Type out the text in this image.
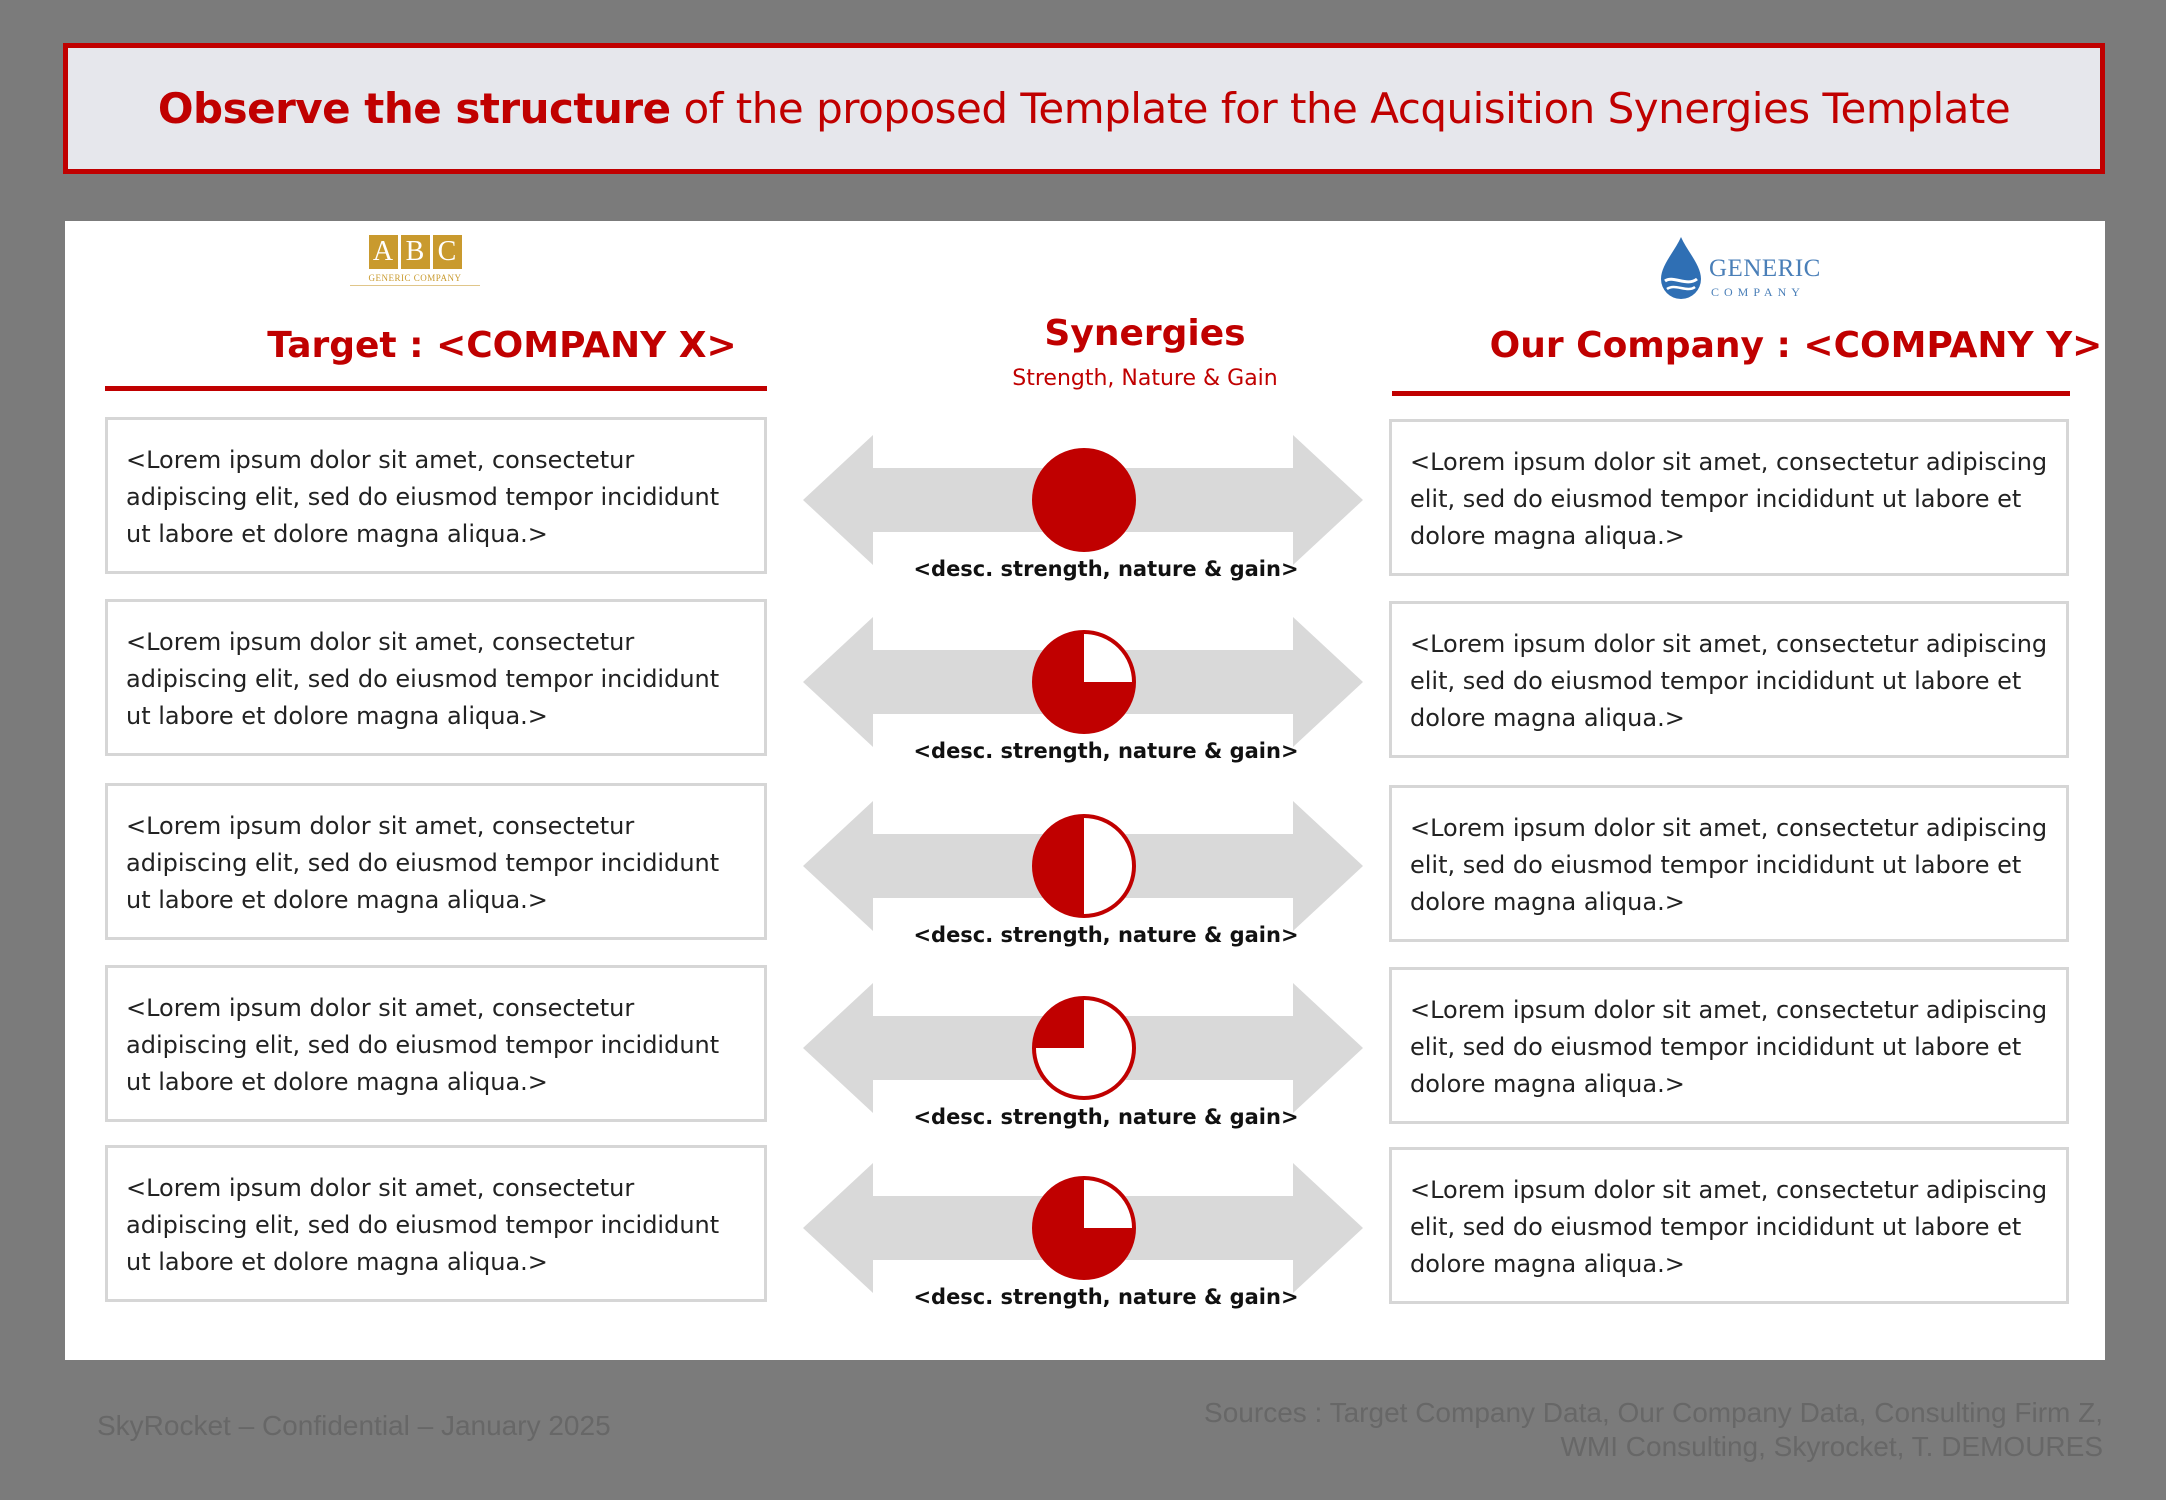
Observe the structure of the proposed Template for the Acquisition Synergies Template
A B C
GENERIC COMPANY	GENERIC
COMPANY
Target : <COMPANY X>	Synergies
Strength, Nature & Gain
Our Company : <COMPANY Y>
<Lorem ipsum dolor sit amet, consectetur adipiscing elit, sed do eiusmod tempor incididunt ut labore et dolore magna aliqua.>
<Lorem ipsum dolor sit amet, consectetur adipiscing elit, sed do eiusmod tempor incididunt ut labore et dolore magna aliqua.>
<desc. strength, nature & gain>
<Lorem ipsum dolor sit amet, consectetur adipiscing elit, sed do eiusmod tempor incididunt ut labore et dolore magna aliqua.>
<Lorem ipsum dolor sit amet, consectetur adipiscing elit, sed do eiusmod tempor incididunt ut labore et dolore magna aliqua.>
<desc. strength, nature & gain>
<Lorem ipsum dolor sit amet, consectetur adipiscing elit, sed do eiusmod tempor incididunt ut labore et dolore magna aliqua.>
<Lorem ipsum dolor sit amet, consectetur adipiscing elit, sed do eiusmod tempor incididunt ut labore et dolore magna aliqua.>
<desc. strength, nature & gain>
<Lorem ipsum dolor sit amet, consectetur adipiscing elit, sed do eiusmod tempor incididunt ut labore et dolore magna aliqua.>
<Lorem ipsum dolor sit amet, consectetur adipiscing elit, sed do eiusmod tempor incididunt ut labore et dolore magna aliqua.>
<desc. strength, nature & gain>
<Lorem ipsum dolor sit amet, consectetur adipiscing elit, sed do eiusmod tempor incididunt ut labore et dolore magna aliqua.>
<Lorem ipsum dolor sit amet, consectetur adipiscing elit, sed do eiusmod tempor incididunt ut labore et dolore magna aliqua.>
<desc. strength, nature & gain>
SkyRocket – Confidential – January 2025	Sources : Target Company Data, Our Company Data, Consulting Firm Z,
WMI Consulting, Skyrocket, T. DEMOURES
